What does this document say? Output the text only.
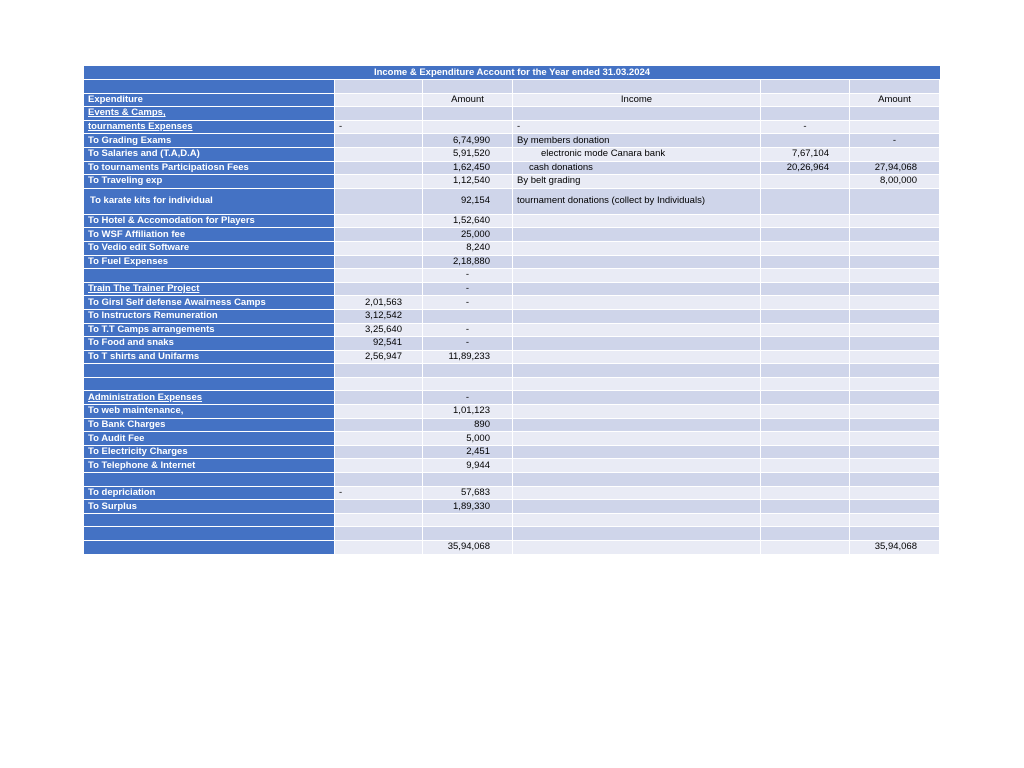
Income & Expenditure Account for the Year ended 31.03.2024

Expenditure		Amount	Income		Amount
Events & Camps,					
tournaments Expenses	-		-	-	
To Grading Exams		6,74,990	By members donation		-
To Salaries and (T.A,D.A)		5,91,520	electronic mode Canara bank	7,67,104	
To tournaments Participatiosn Fees		1,62,450	cash donations	20,26,964	27,94,068
To Traveling exp		1,12,540	By belt grading		8,00,000
To karate kits for individual		92,154	tournament donations (collect by Individuals)		
To Hotel & Accomodation for Players		1,52,640			
To WSF Affiliation fee		25,000			
To Vedio edit Software		8,240			
To Fuel Expenses		2,18,880			
		-			
Train The Trainer Project		-			
To Girsl Self defense Awairness Camps	2,01,563	-			
To Instructors Remuneration	3,12,542				
To T.T Camps arrangements	3,25,640	-			
To Food and snaks	92,541	-			
To T shirts and Unifarms	2,56,947	11,89,233			

Administration Expenses		-			
To web maintenance,		1,01,123			
To Bank Charges		890			
To Audit Fee		5,000			
To Electricity Charges		2,451			
To Telephone & Internet		9,944			

To depriciation	-	57,683			
To Surplus		1,89,330			

		35,94,068			35,94,068
